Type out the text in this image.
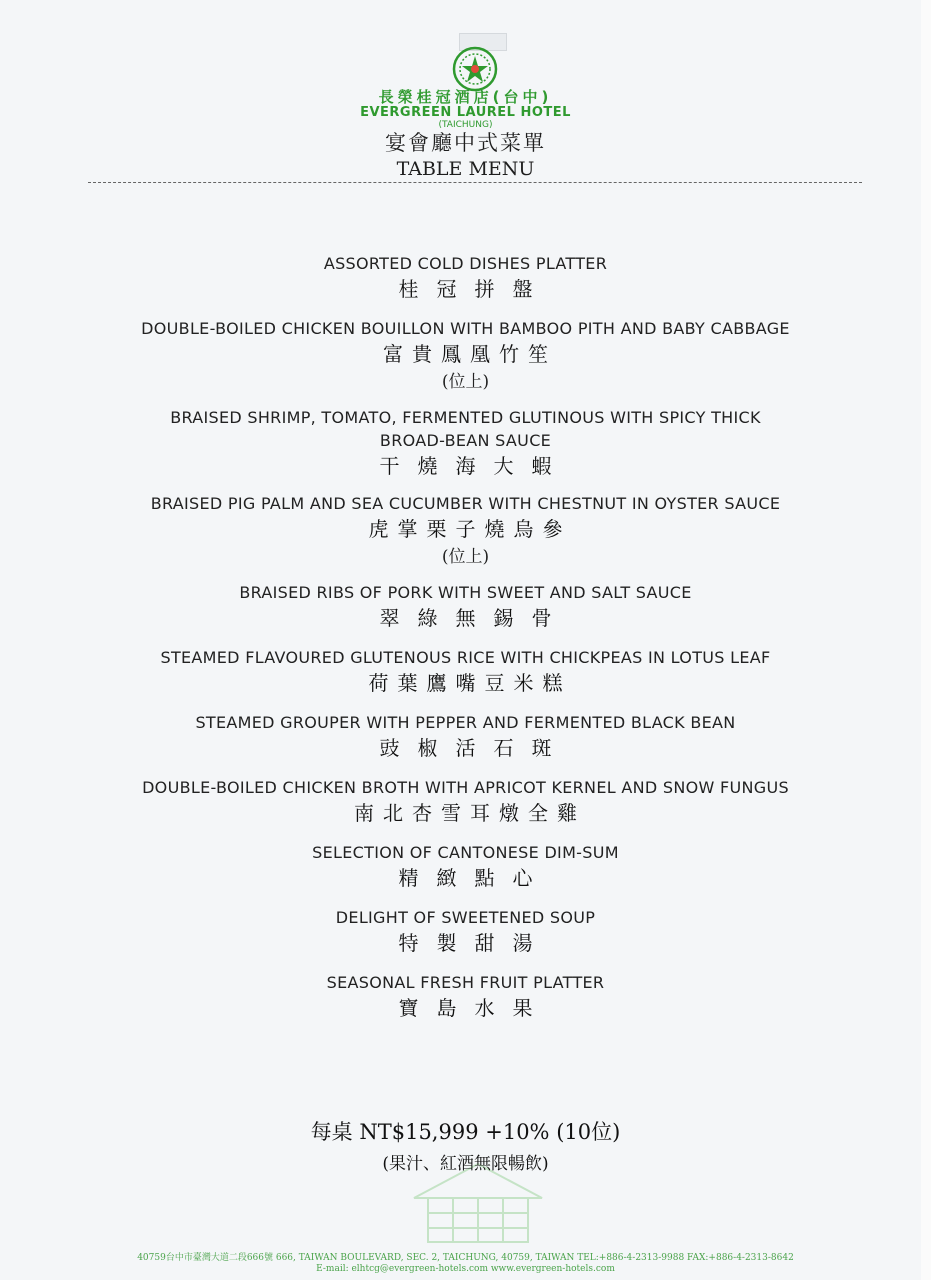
長榮桂冠酒店(台中)
EVERGREEN LAUREL HOTEL
(TAICHUNG)
宴會廳中式菜單
TABLE MENU
ASSORTED COLD DISHES PLATTER
桂冠拼盤
DOUBLE-BOILED CHICKEN BOUILLON WITH BAMBOO PITH AND BABY CABBAGE
富貴鳳凰竹笙
(位上)
BRAISED SHRIMP, TOMATO, FERMENTED GLUTINOUS WITH SPICY THICK
BROAD-BEAN SAUCE
干燒海大蝦
BRAISED PIG PALM AND SEA CUCUMBER WITH CHESTNUT IN OYSTER SAUCE
虎掌栗子燒烏參
(位上)
BRAISED RIBS OF PORK WITH SWEET AND SALT SAUCE
翠綠無錫骨
STEAMED FLAVOURED GLUTENOUS RICE WITH CHICKPEAS IN LOTUS LEAF
荷葉鷹嘴豆米糕
STEAMED GROUPER WITH PEPPER AND FERMENTED BLACK BEAN
豉椒活石斑
DOUBLE-BOILED CHICKEN BROTH WITH APRICOT KERNEL AND SNOW FUNGUS
南北杏雪耳燉全雞
SELECTION OF CANTONESE DIM-SUM
精緻點心
DELIGHT OF SWEETENED SOUP
特製甜湯
SEASONAL FRESH FRUIT PLATTER
寶島水果
每桌 NT$15,999 +10% (10位)
(果汁、紅酒無限暢飲)
40759台中市臺灣大道二段666號 666, TAIWAN BOULEVARD, SEC. 2, TAICHUNG, 40759, TAIWAN TEL:+886-4-2313-9988 FAX:+886-4-2313-8642
E-mail: elhtcg@evergreen-hotels.com www.evergreen-hotels.com
